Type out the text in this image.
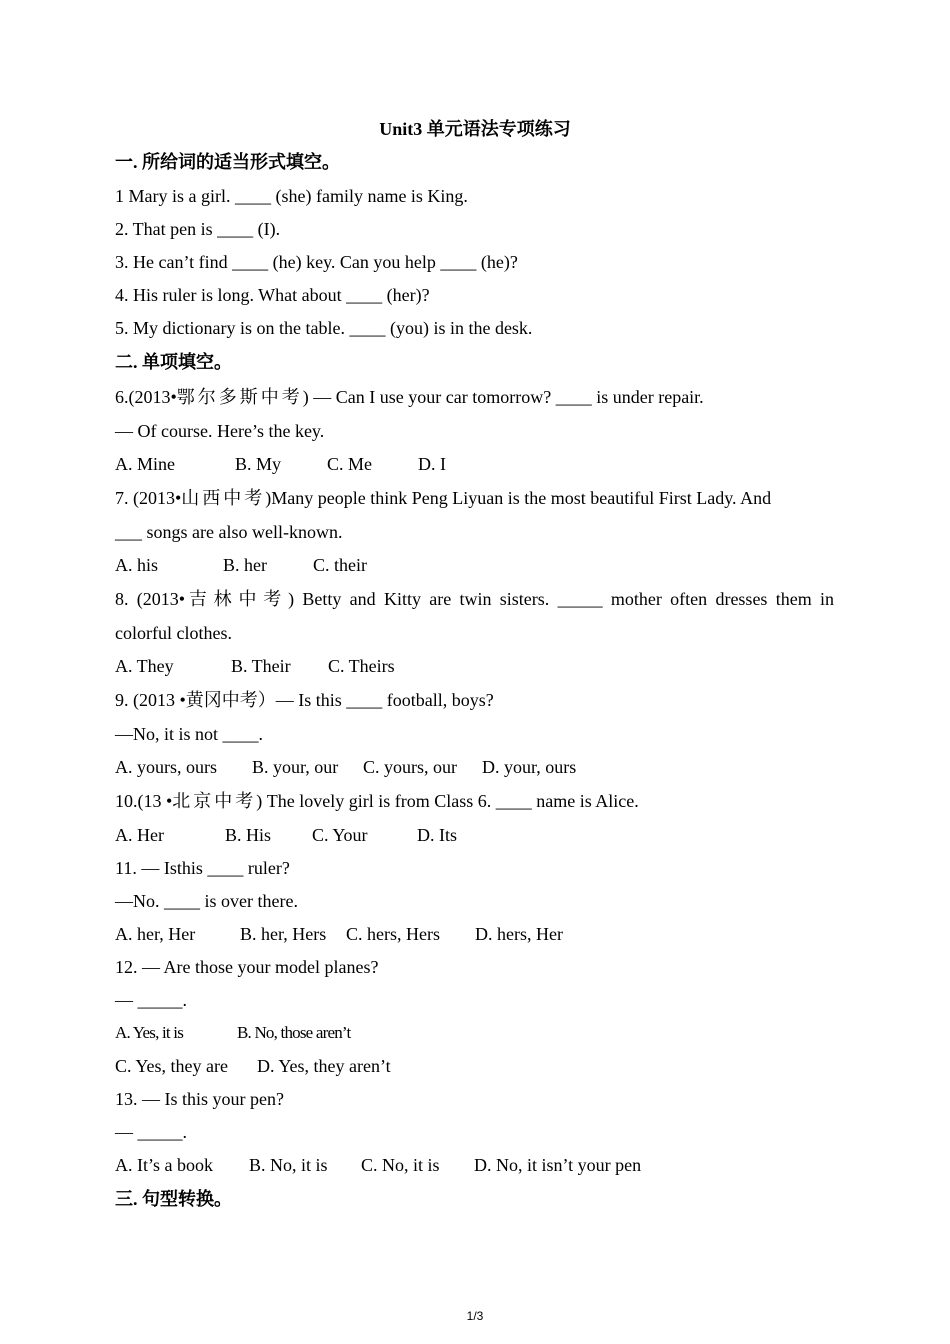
Unit3 单元语法专项练习
一. 所给词的适当形式填空。
1 Mary is a girl. ____ (she) family name is King.
2. That pen is ____ (I).
3. He can’t find ____ (he) key. Can you help ____ (he)?
4. His ruler is long. What about ____ (her)?
5. My dictionary is on the table. ____ (you) is in the desk.
二. 单项填空。
6.(2013•鄂尔多斯中考) — Can I use your car tomorrow? ____ is under repair.
— Of course. Here’s the key.
A. Mine	B. My	C. Me	D. I
7. (2013•山西中考)Many people think Peng Liyuan is the most beautiful First Lady. And
___ songs are also well-known.
A. his	B. her	C. their
8. (2013•吉林中考) Betty and Kitty are twin sisters. _____ mother often dresses them in
colorful clothes.
A. They	B. Their C. Theirs
9. (2013 •黄冈中考）— Is this ____ football, boys?
—No, it is not ____.
A. yours, ours B. your, our C. yours, our D. your, ours
10.(13 •北京中考) The lovely girl is from Class 6. ____ name is Alice.
A. Her	B. His C. Your	D. Its
11. — Isthis ____ ruler?
—No. ____ is over there.
A. her, Her B. her, Hers C. hers, Hers D. hers, Her
12. — Are those your model planes?
— _____.
A. Yes, it is	B. No, those aren’t
C. Yes, they are D. Yes, they aren’t
13. — Is this your pen?
— _____.
A. It’s a book B. No, it is C. No, it is D. No, it isn’t your pen
三. 句型转换。
1/3
